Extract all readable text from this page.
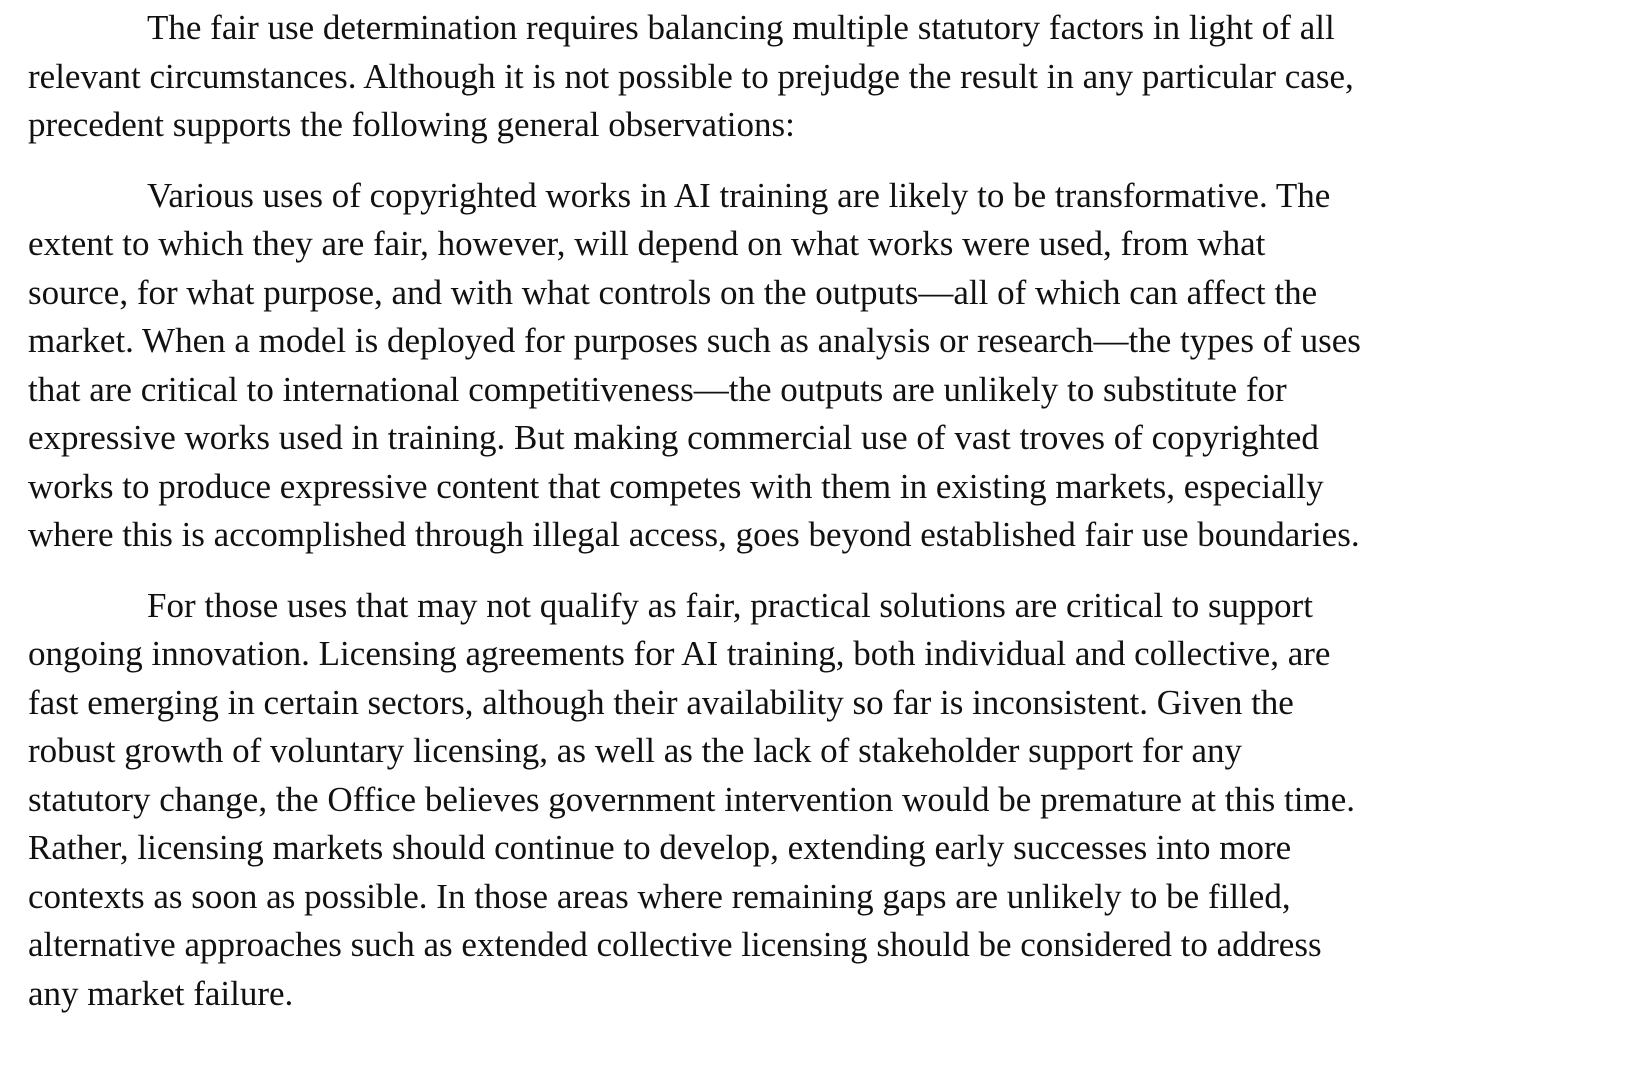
The fair use determination requires balancing multiple statutory factors in light of all
relevant circumstances. Although it is not possible to prejudge the result in any particular case,
precedent supports the following general observations:

Various uses of copyrighted works in AI training are likely to be transformative. The
extent to which they are fair, however, will depend on what works were used, from what
source, for what purpose, and with what controls on the outputs—all of which can affect the
market. When a model is deployed for purposes such as analysis or research—the types of uses
that are critical to international competitiveness—the outputs are unlikely to substitute for
expressive works used in training. But making commercial use of vast troves of copyrighted
works to produce expressive content that competes with them in existing markets, especially
where this is accomplished through illegal access, goes beyond established fair use boundaries.

For those uses that may not qualify as fair, practical solutions are critical to support
ongoing innovation. Licensing agreements for AI training, both individual and collective, are
fast emerging in certain sectors, although their availability so far is inconsistent. Given the
robust growth of voluntary licensing, as well as the lack of stakeholder support for any
statutory change, the Office believes government intervention would be premature at this time.
Rather, licensing markets should continue to develop, extending early successes into more
contexts as soon as possible. In those areas where remaining gaps are unlikely to be filled,
alternative approaches such as extended collective licensing should be considered to address
any market failure.
